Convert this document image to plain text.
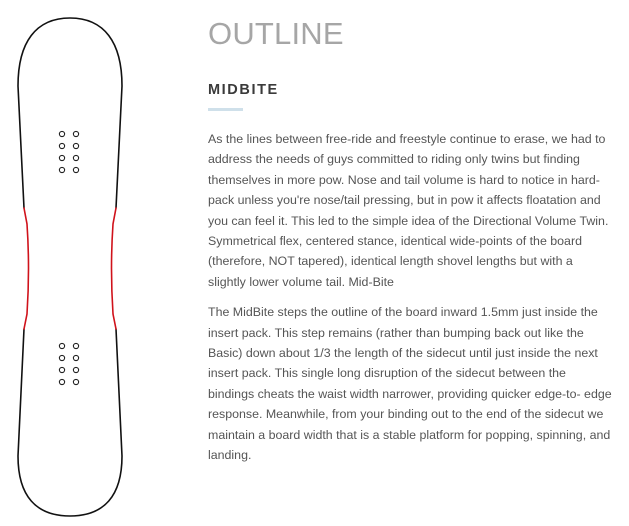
OUTLINE
MIDBITE

As the lines between free-ride and freestyle continue to erase, we had to address the needs of guys committed to riding only twins but finding themselves in more pow. Nose and tail volume is hard to notice in hard-pack unless you're nose/tail pressing, but in pow it affects floatation and you can feel it. This led to the simple idea of the Directional Volume Twin. Symmetrical flex, centered stance, identical wide-points of the board (therefore, NOT tapered), identical length shovel lengths but with a slightly lower volume tail. Mid-Bite

The MidBite steps the outline of the board inward 1.5mm just inside the insert pack. This step remains (rather than bumping back out like the Basic) down about 1/3 the length of the sidecut until just inside the next insert pack. This single long disruption of the sidecut between the bindings cheats the waist width narrower, providing quicker edge-to- edge response. Meanwhile, from your binding out to the end of the sidecut we maintain a board width that is a stable platform for popping, spinning, and landing.
